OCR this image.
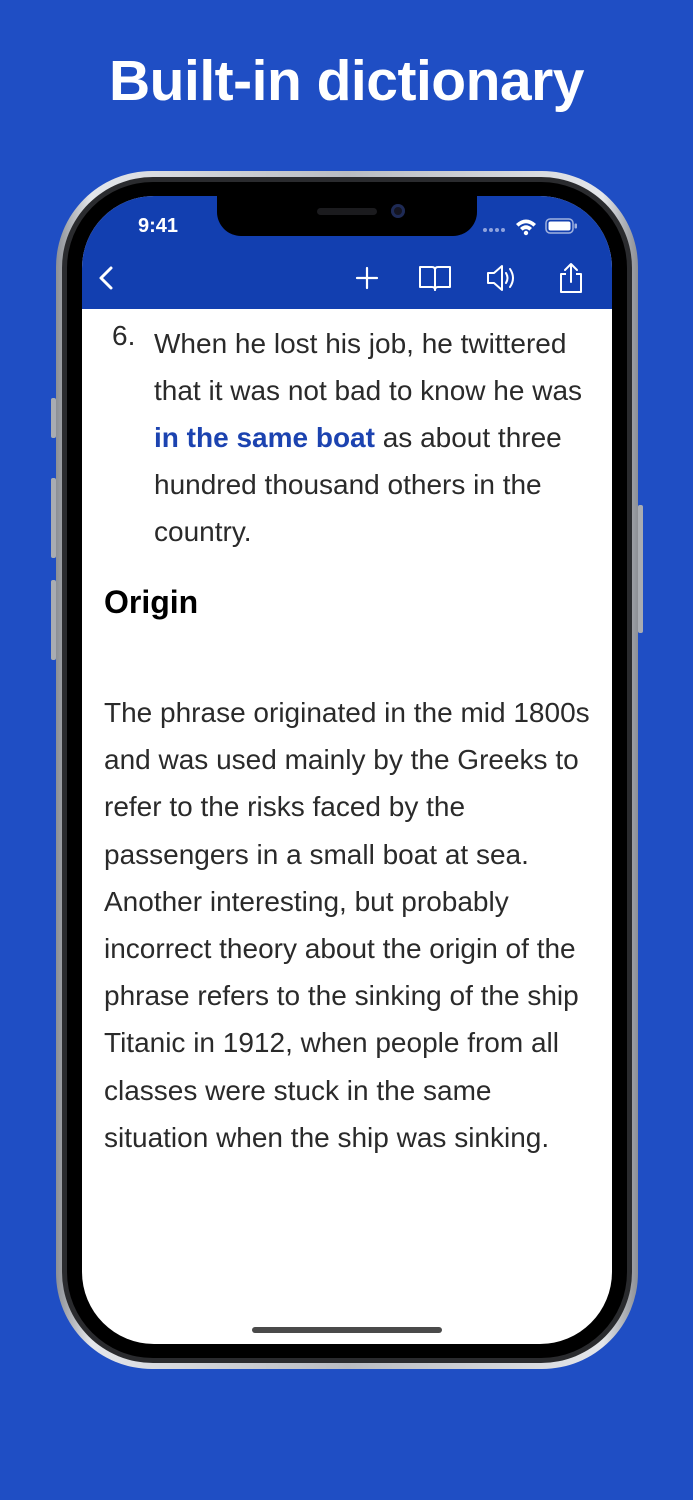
Built-in dictionary
9:41
6. When he lost his job, he twittered that it was not bad to know he was in the same boat as about three hundred thousand others in the country.
Origin
The phrase originated in the mid 1800s and was used mainly by the Greeks to refer to the risks faced by the passengers in a small boat at sea. Another interesting, but probably incorrect theory about the origin of the phrase refers to the sinking of the ship Titanic in 1912, when people from all classes were stuck in the same situation when the ship was sinking.
